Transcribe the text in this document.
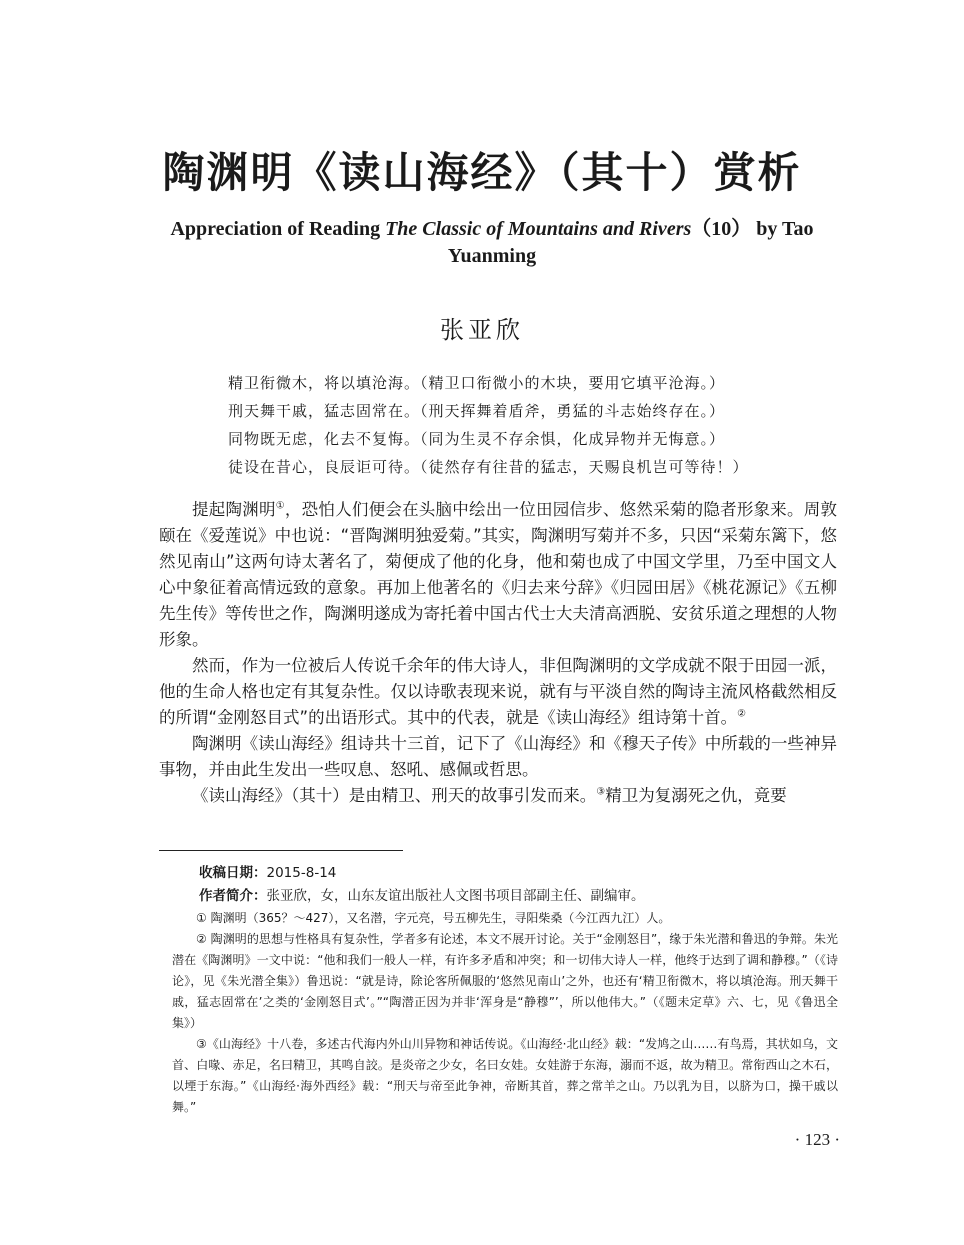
陶渊明《读山海经》（其十）赏析
Appreciation of Reading The Classic of Mountains and Rivers（10） by Tao Yuanming
张亚欣
精卫衔微木，将以填沧海。（精卫口衔微小的木块，要用它填平沧海。）
刑天舞干戚，猛志固常在。（刑天挥舞着盾斧，勇猛的斗志始终存在。）
同物既无虑，化去不复悔。（同为生灵不存余惧，化成异物并无悔意。）
徒设在昔心，良辰讵可待。（徒然存有往昔的猛志，天赐良机岂可等待！）

提起陶渊明①，恐怕人们便会在头脑中绘出一位田园信步、悠然采菊的隐者形象来。周敦颐在《爱莲说》中也说：“晋陶渊明独爱菊。”其实，陶渊明写菊并不多，只因“采菊东篱下，悠然见南山”这两句诗太著名了，菊便成了他的化身，他和菊也成了中国文学里，乃至中国文人心中象征着高情远致的意象。再加上他著名的《归去来兮辞》《归园田居》《桃花源记》《五柳先生传》等传世之作，陶渊明遂成为寄托着中国古代士大夫清高洒脱、安贫乐道之理想的人物形象。

然而，作为一位被后人传说千余年的伟大诗人，非但陶渊明的文学成就不限于田园一派，他的生命人格也定有其复杂性。仅以诗歌表现来说，就有与平淡自然的陶诗主流风格截然相反的所谓“金刚怒目式”的出语形式。其中的代表，就是《读山海经》组诗第十首。②

陶渊明《读山海经》组诗共十三首，记下了《山海经》和《穆天子传》中所载的一些神异事物，并由此生发出一些叹息、怒吼、感佩或哲思。

《读山海经》（其十）是由精卫、刑天的故事引发而来。③精卫为复溺死之仇，竟要

收稿日期：2015-8-14

作者简介：张亚欣，女，山东友谊出版社人文图书项目部副主任、副编审。

① 陶渊明（365？～427），又名潜，字元亮，号五柳先生，寻阳柴桑（今江西九江）人。

② 陶渊明的思想与性格具有复杂性，学者多有论述，本文不展开讨论。关于“金刚怒目”，缘于朱光潜和鲁迅的争辩。朱光潜在《陶渊明》一文中说：“他和我们一般人一样，有许多矛盾和冲突；和一切伟大诗人一样，他终于达到了调和静穆。”（《诗论》，见《朱光潜全集》）鲁迅说：“就是诗，除论客所佩服的‘悠然见南山’之外，也还有‘精卫衔微木，将以填沧海。刑天舞干戚，猛志固常在’之类的‘金刚怒目式’。”“陶潜正因为并非‘浑身是“静穆”’，所以他伟大。”（《题未定草》六、七，见《鲁迅全集》）

③《山海经》十八卷，多述古代海内外山川异物和神话传说。《山海经·北山经》载：“发鸠之山……有鸟焉，其状如乌，文首、白喙、赤足，名曰精卫，其鸣自詨。是炎帝之少女，名曰女娃。女娃游于东海，溺而不返，故为精卫。常衔西山之木石，以堙于东海。”《山海经·海外西经》载：“刑天与帝至此争神，帝断其首，葬之常羊之山。乃以乳为目，以脐为口，操干戚以舞。”

· 123 ·
